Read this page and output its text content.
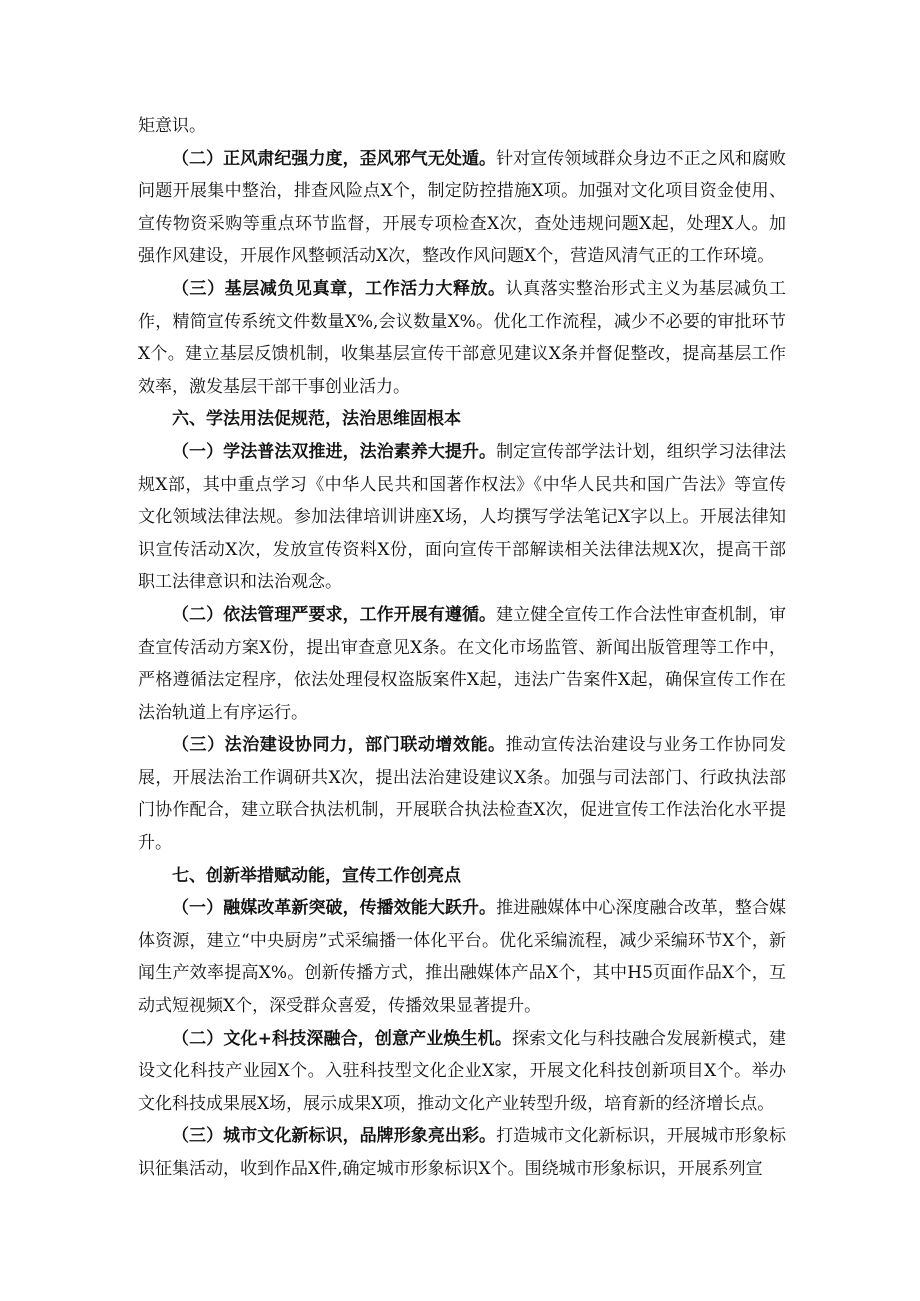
矩意识。

（二）正风肃纪强力度，歪风邪气无处遁。针对宣传领域群众身边不正之风和腐败问题开展集中整治，排查风险点X个，制定防控措施X项。加强对文化项目资金使用、宣传物资采购等重点环节监督，开展专项检查X次，查处违规问题X起，处理X人。加强作风建设，开展作风整顿活动X次，整改作风问题X个，营造风清气正的工作环境。

（三）基层减负见真章，工作活力大释放。认真落实整治形式主义为基层减负工作，精简宣传系统文件数量X%,会议数量X%。优化工作流程，减少不必要的审批环节X个。建立基层反馈机制，收集基层宣传干部意见建议X条并督促整改，提高基层工作效率，激发基层干部干事创业活力。

六、学法用法促规范，法治思维固根本

（一）学法普法双推进，法治素养大提升。制定宣传部学法计划，组织学习法律法规X部，其中重点学习《中华人民共和国著作权法》《中华人民共和国广告法》等宣传文化领域法律法规。参加法律培训讲座X场，人均撰写学法笔记X字以上。开展法律知识宣传活动X次，发放宣传资料X份，面向宣传干部解读相关法律法规X次，提高干部职工法律意识和法治观念。

（二）依法管理严要求，工作开展有遵循。建立健全宣传工作合法性审查机制，审查宣传活动方案X份，提出审查意见X条。在文化市场监管、新闻出版管理等工作中，严格遵循法定程序，依法处理侵权盗版案件X起，违法广告案件X起，确保宣传工作在法治轨道上有序运行。

（三）法治建设协同力，部门联动增效能。推动宣传法治建设与业务工作协同发展，开展法治工作调研共X次，提出法治建设建议X条。加强与司法部门、行政执法部门协作配合，建立联合执法机制，开展联合执法检查X次，促进宣传工作法治化水平提升。

七、创新举措赋动能，宣传工作创亮点

（一）融媒改革新突破，传播效能大跃升。推进融媒体中心深度融合改革，整合媒体资源，建立“中央厨房”式采编播一体化平台。优化采编流程，减少采编环节X个，新闻生产效率提高X%。创新传播方式，推出融媒体产品X个，其中H5页面作品X个，互动式短视频X个，深受群众喜爱，传播效果显著提升。

（二）文化+科技深融合，创意产业焕生机。探索文化与科技融合发展新模式，建设文化科技产业园X个。入驻科技型文化企业X家，开展文化科技创新项目X个。举办文化科技成果展X场，展示成果X项，推动文化产业转型升级，培育新的经济增长点。

（三）城市文化新标识，品牌形象亮出彩。打造城市文化新标识，开展城市形象标识征集活动，收到作品X件,确定城市形象标识X个。围绕城市形象标识，开展系列宣
